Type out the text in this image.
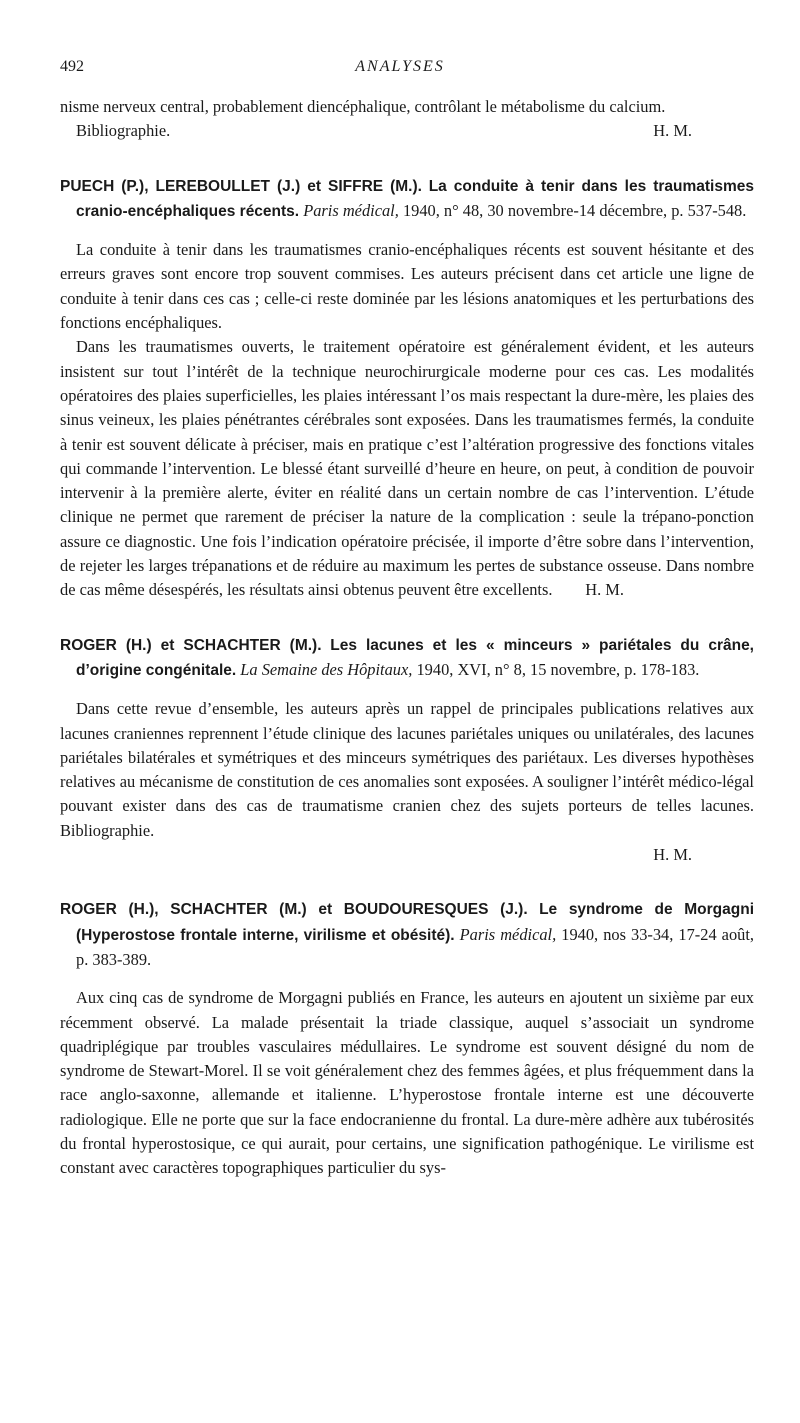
492	ANALYSES

nisme nerveux central, probablement diencéphalique, contrôlant le métabolisme du calcium.

Bibliographie.	H. M.

PUECH (P.), LEREBOULLET (J.) et SIFFRE (M.). La conduite à tenir dans les traumatismes cranio-encéphaliques récents. Paris médical, 1940, n° 48, 30 novembre-14 décembre, p. 537-548.

La conduite à tenir dans les traumatismes cranio-encéphaliques récents est souvent hésitante et des erreurs graves sont encore trop souvent commises. Les auteurs précisent dans cet article une ligne de conduite à tenir dans ces cas ; celle-ci reste dominée par les lésions anatomiques et les perturbations des fonctions encéphaliques.

Dans les traumatismes ouverts, le traitement opératoire est généralement évident, et les auteurs insistent sur tout l’intérêt de la technique neurochirurgicale moderne pour ces cas. Les modalités opératoires des plaies superficielles, les plaies intéressant l’os mais respectant la dure-mère, les plaies des sinus veineux, les plaies pénétrantes cérébrales sont exposées. Dans les traumatismes fermés, la conduite à tenir est souvent délicate à préciser, mais en pratique c’est l’altération progressive des fonctions vitales qui commande l’intervention. Le blessé étant surveillé d’heure en heure, on peut, à condition de pouvoir intervenir à la première alerte, éviter en réalité dans un certain nombre de cas l’intervention. L’étude clinique ne permet que rarement de préciser la nature de la complication : seule la trépano-ponction assure ce diagnostic. Une fois l’indication opératoire précisée, il importe d’être sobre dans l’intervention, de rejeter les larges trépanations et de réduire au maximum les pertes de substance osseuse. Dans nombre de cas même désespérés, les résultats ainsi obtenus peuvent être excellents.   H. M.

ROGER (H.) et SCHACHTER (M.). Les lacunes et les « minceurs » pariétales du crâne, d’origine congénitale. La Semaine des Hôpitaux, 1940, XVI, n° 8, 15 novembre, p. 178-183.

Dans cette revue d’ensemble, les auteurs après un rappel de principales publications relatives aux lacunes craniennes reprennent l’étude clinique des lacunes pariétales uniques ou unilatérales, des lacunes pariétales bilatérales et symétriques et des minceurs symétriques des pariétaux. Les diverses hypothèses relatives au mécanisme de constitution de ces anomalies sont exposées. A souligner l’intérêt médico-légal pouvant exister dans des cas de traumatisme cranien chez des sujets porteurs de telles lacunes. Bibliographie.

H. M.

ROGER (H.), SCHACHTER (M.) et BOUDOURESQUES (J.). Le syndrome de Morgagni (Hyperostose frontale interne, virilisme et obésité). Paris médical, 1940, nos 33-34, 17-24 août, p. 383-389.

Aux cinq cas de syndrome de Morgagni publiés en France, les auteurs en ajoutent un sixième par eux récemment observé. La malade présentait la triade classique, auquel s’associait un syndrome quadriplégique par troubles vasculaires médullaires. Le syndrome est souvent désigné du nom de syndrome de Stewart-Morel. Il se voit généralement chez des femmes âgées, et plus fréquemment dans la race anglo-saxonne, allemande et italienne. L’hyperostose frontale interne est une découverte radiologique. Elle ne porte que sur la face endocranienne du frontal. La dure-mère adhère aux tubérosités du frontal hyperostosique, ce qui aurait, pour certains, une signification pathogénique. Le virilisme est constant avec caractères topographiques particulier du sys-
